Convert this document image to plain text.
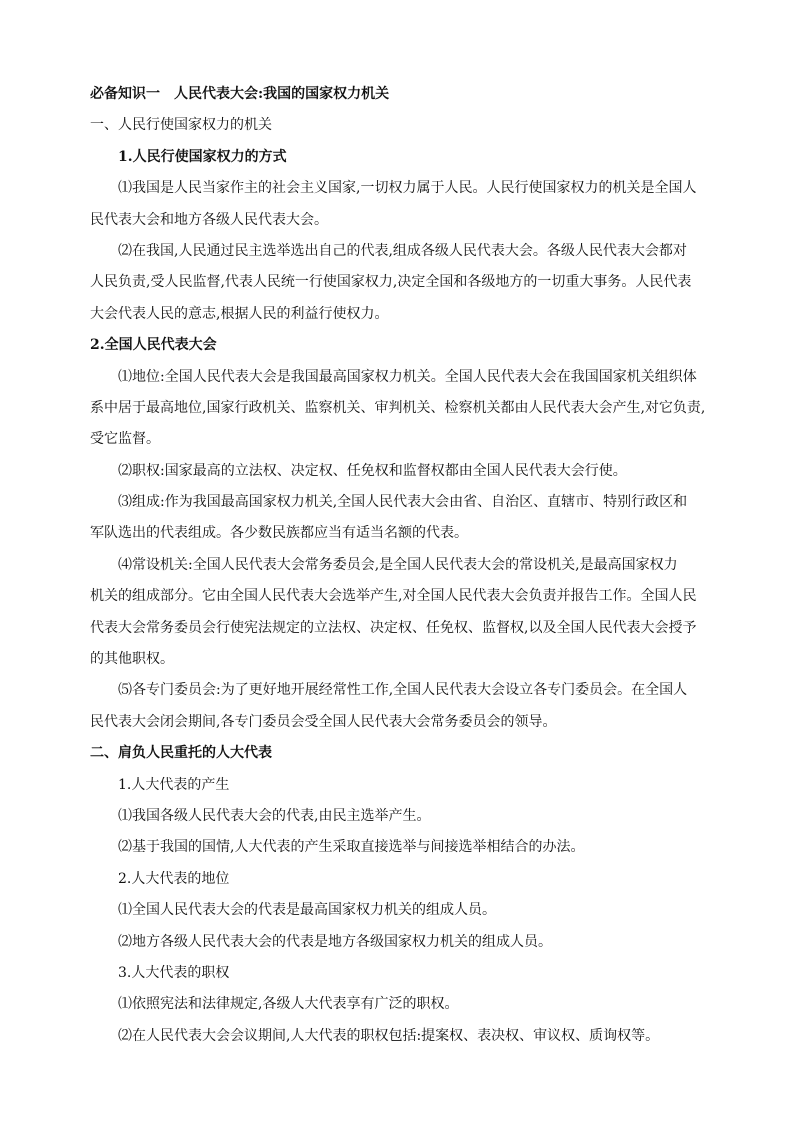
必备知识一 人民代表大会:我国的国家权力机关
一、人民行使国家权力的机关
1.人民行使国家权力的方式
⑴我国是人民当家作主的社会主义国家,一切权力属于人民。人民行使国家权力的机关是全国人
民代表大会和地方各级人民代表大会。
⑵在我国,人民通过民主选举选出自己的代表,组成各级人民代表大会。各级人民代表大会都对
人民负责,受人民监督,代表人民统一行使国家权力,决定全国和各级地方的一切重大事务。人民代表
大会代表人民的意志,根据人民的利益行使权力。
2.全国人民代表大会
⑴地位:全国人民代表大会是我国最高国家权力机关。全国人民代表大会在我国国家机关组织体
系中居于最高地位,国家行政机关、监察机关、审判机关、检察机关都由人民代表大会产生,对它负责,
受它监督。
⑵职权:国家最高的立法权、决定权、任免权和监督权都由全国人民代表大会行使。
⑶组成:作为我国最高国家权力机关,全国人民代表大会由省、自治区、直辖市、特别行政区和
军队选出的代表组成。各少数民族都应当有适当名额的代表。
⑷常设机关:全国人民代表大会常务委员会,是全国人民代表大会的常设机关,是最高国家权力
机关的组成部分。它由全国人民代表大会选举产生,对全国人民代表大会负责并报告工作。全国人民
代表大会常务委员会行使宪法规定的立法权、决定权、任免权、监督权,以及全国人民代表大会授予
的其他职权。
⑸各专门委员会:为了更好地开展经常性工作,全国人民代表大会设立各专门委员会。在全国人
民代表大会闭会期间,各专门委员会受全国人民代表大会常务委员会的领导。
二、肩负人民重托的人大代表
1.人大代表的产生
⑴我国各级人民代表大会的代表,由民主选举产生。
⑵基于我国的国情,人大代表的产生采取直接选举与间接选举相结合的办法。
2.人大代表的地位
⑴全国人民代表大会的代表是最高国家权力机关的组成人员。
⑵地方各级人民代表大会的代表是地方各级国家权力机关的组成人员。
3.人大代表的职权
⑴依照宪法和法律规定,各级人大代表享有广泛的职权。
⑵在人民代表大会会议期间,人大代表的职权包括:提案权、表决权、审议权、质询权等。
